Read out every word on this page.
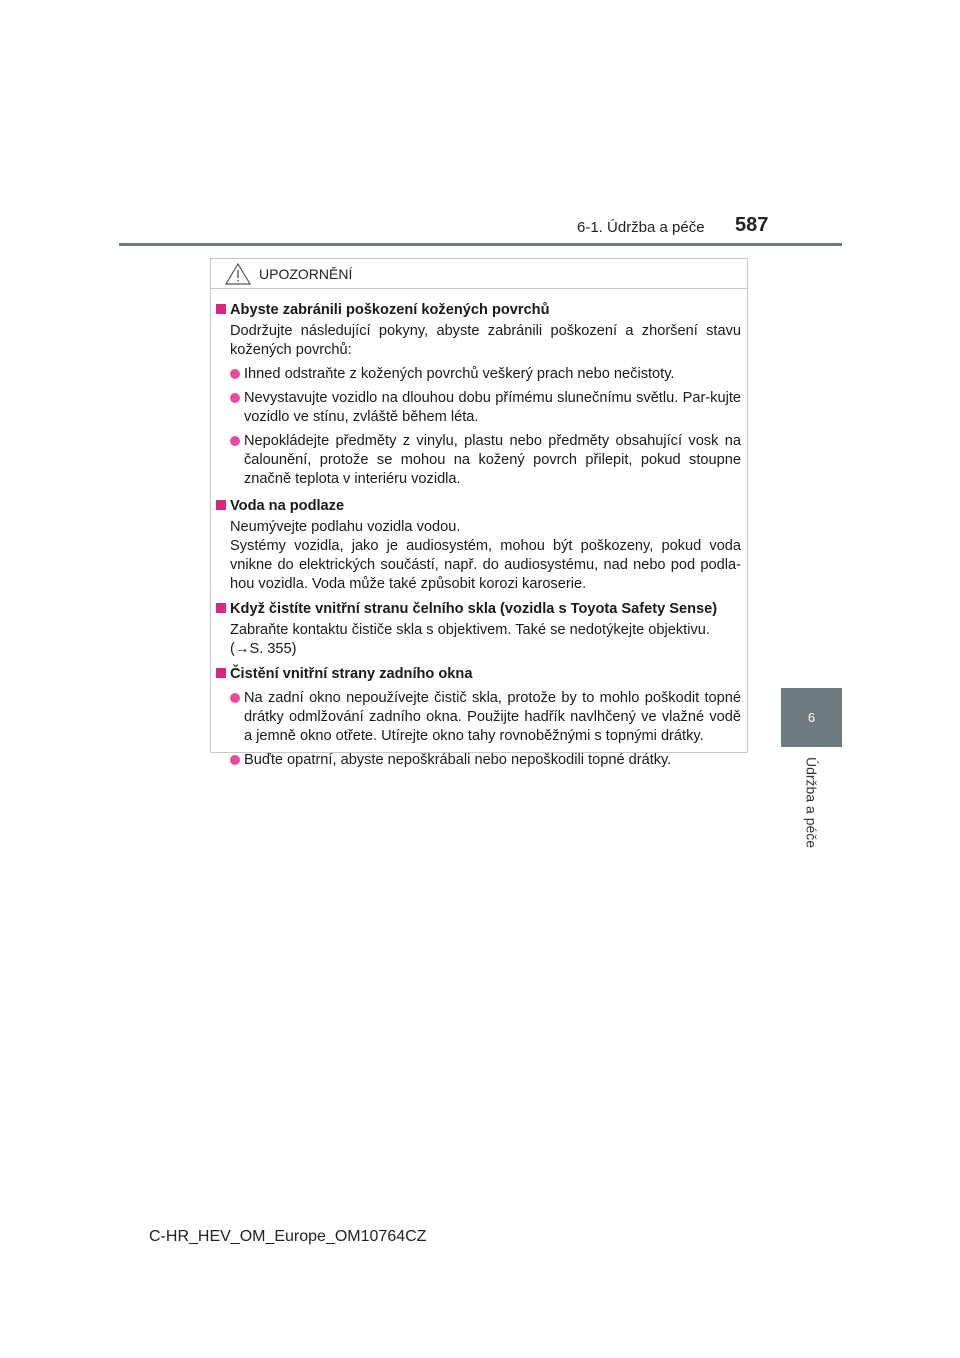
6-1. Údržba a péče 587
6
Údržba a péče
UPOZORNĚNÍ
Abyste zabránili poškození kožených povrchů
Dodržujte následující pokyny, abyste zabránili poškození a zhoršení stavu kožených povrchů:
Ihned odstraňte z kožených povrchů veškerý prach nebo nečistoty.
Nevystavujte vozidlo na dlouhou dobu přímému slunečnímu světlu. Par-kujte vozidlo ve stínu, zvláště během léta.
Nepokládejte předměty z vinylu, plastu nebo předměty obsahující vosk na čalounění, protože se mohou na kožený povrch přilepit, pokud stoupne značně teplota v interiéru vozidla.
Voda na podlaze
Neumývejte podlahu vozidla vodou.
Systémy vozidla, jako je audiosystém, mohou být poškozeny, pokud voda vnikne do elektrických součástí, např. do audiosystému, nad nebo pod podla-hou vozidla. Voda může také způsobit korozi karoserie.
Když čistíte vnitřní stranu čelního skla (vozidla s Toyota Safety Sense)
Zabraňte kontaktu čističe skla s objektivem. Také se nedotýkejte objektivu.
(→S. 355)
Čistění vnitřní strany zadního okna
Na zadní okno nepoužívejte čistič skla, protože by to mohlo poškodit topné drátky odmlžování zadního okna. Použijte hadřík navlhčený ve vlažné vodě a jemně okno otřete. Utírejte okno tahy rovnoběžnými s topnými drátky.
Buďte opatrní, abyste nepoškrábali nebo nepoškodili topné drátky.
C-HR_HEV_OM_Europe_OM10764CZ
